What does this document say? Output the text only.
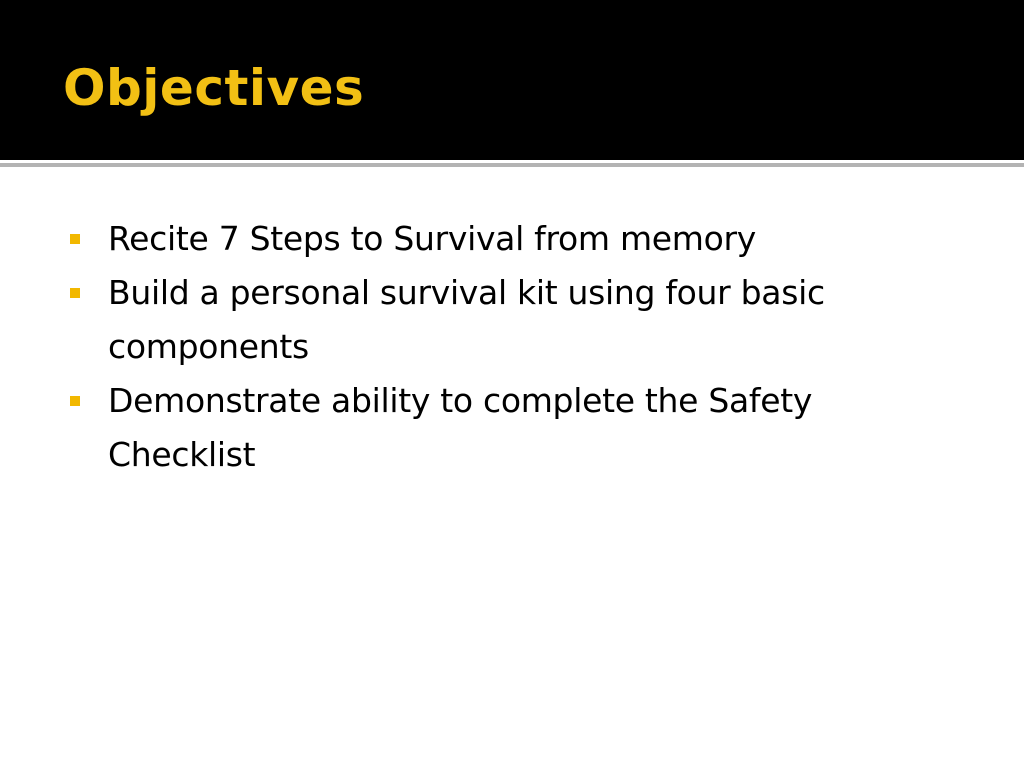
Objectives
Recite 7 Steps to Survival from memory
Build a personal survival kit using four basic components
Demonstrate ability to complete the Safety Checklist
